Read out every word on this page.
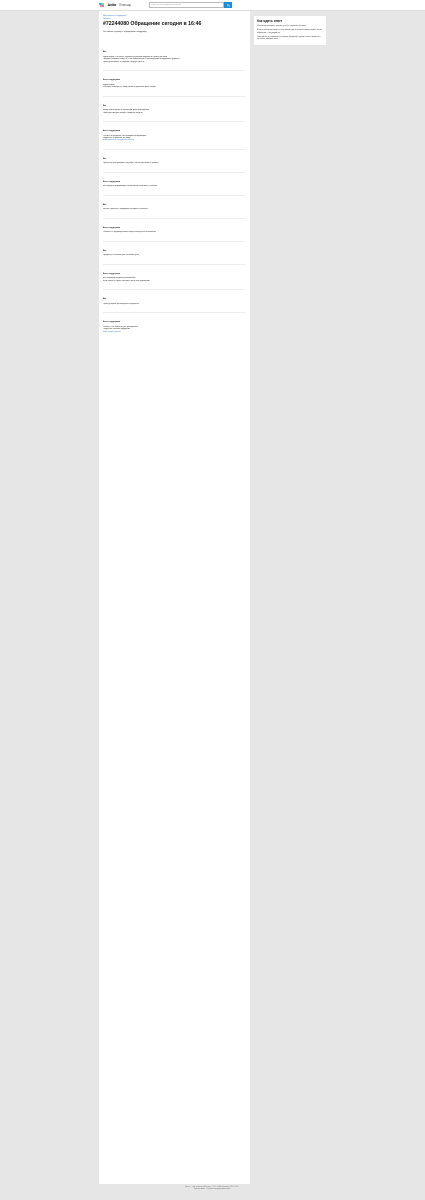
Avito Помощь	Поиск по всем вопросам и ответам
Мои вопросы в поддержку
Запросы
#72244080 Обращение сегодня в 16:46
Это личная страница с обращением в поддержку.
Вы
Здравствуйте, я осталась недовольна работой продавца и службы доставки.
Продавец отправил товар не в той комплектации, а при получении обнаружились дефекты.
Прошу разобраться в ситуации и вернуть деньги.
Агент поддержки
Здравствуйте,
Уточните, пожалуйста, номер заказа и приложите фото товара.
Вы
Номер заказа указан в обращении, фото прикладываю.
Прошу рассмотреть вопрос о возврате средств.
Агент поддержки
Спасибо за ожидание, мы проверили информацию.
Подробнее о правилах доставки:
https://www.avito.ru/legal/rules/delivery
Вы
Прошу ещё раз проверить ситуацию, так как проблема не решена.
Агент поддержки
Мы передали информацию специалистам и вернёмся с ответом.
Вы
Как мне связаться с продавцом, который не отвечает?
Агент поддержки
Связаться с продавцом можно через сообщения в объявлении.
Вы
Продавец не отвечает уже несколько дней.
Агент поддержки
Мы направили продавцу напоминание.
Если ответа не будет, сообщите нам в этом обращении.
Вы
Прошу ускорить рассмотрение обращения.
Агент поддержки
Спасибо, что написали, уже разбираемся.
Подробнее о работе поддержки:
https://support.avito.ru
Как ждать ответ

Обычно мы отвечаем в течение суток (но стараемся быстрее).

Если вы забыли рассказать что-то важное, просто оставьте комментарий в том же обращении — мы увидим его.

Пожалуйста, не отправляйте несколько обращений с одним и тем же вопросом — это только замедлит ответ.

Авито — сайт объявлений России. © ООО «КЕХ еКоммерц» 2007–2024.
Правила Авито · Политика конфиденциальности
